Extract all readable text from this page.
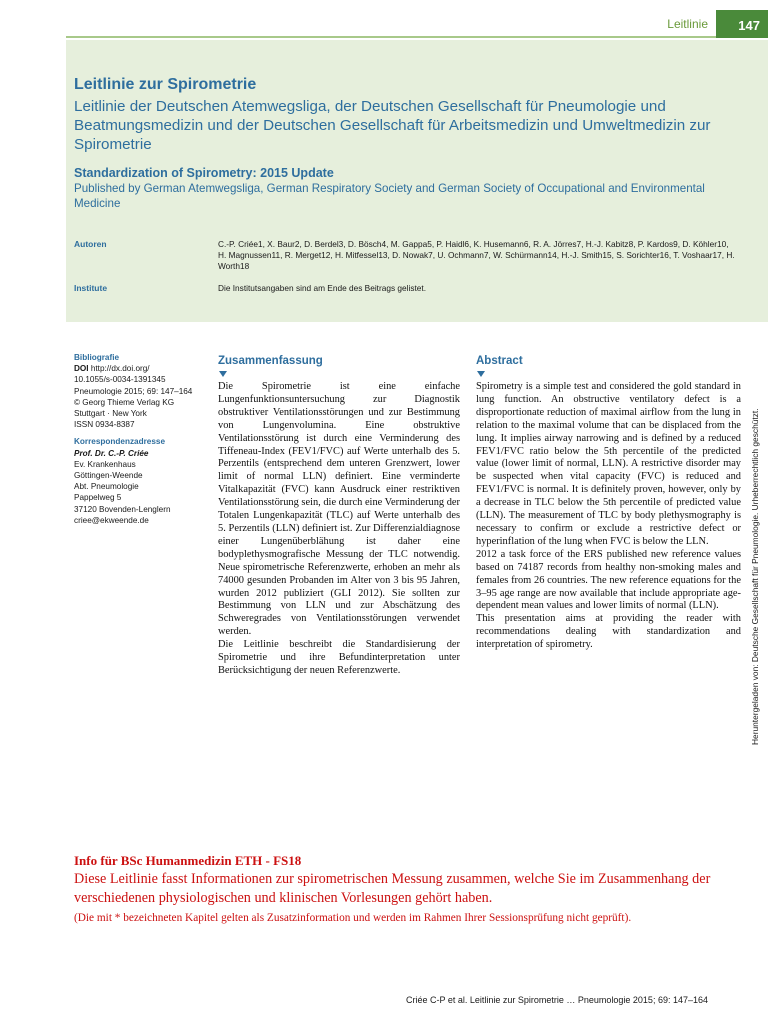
Leitlinie 147
Leitlinie zur Spirometrie
Leitlinie der Deutschen Atemwegsliga, der Deutschen Gesellschaft für Pneumologie und Beatmungsmedizin und der Deutschen Gesellschaft für Arbeitsmedizin und Umweltmedizin zur Spirometrie
Standardization of Spirometry: 2015 Update
Published by German Atemwegsliga, German Respiratory Society and German Society of Occupational and Environmental Medicine
Autoren	C.-P. Criée1, X. Baur2, D. Berdel3, D. Bösch4, M. Gappa5, P. Haidl6, K. Husemann6, R. A. Jörres7, H.-J. Kabitz8, P. Kardos9, D. Köhler10, H. Magnussen11, R. Merget12, H. Mitfessel13, D. Nowak7, U. Ochmann7, W. Schürmann14, H.-J. Smith15, S. Sorichter16, T. Voshaar17, H. Worth18
Institute	Die Institutsangaben sind am Ende des Beitrags gelistet.
Heruntergeladen von: Deutsche Gesellschaft für Pneumologie. Urheberrechtlich geschützt.
Bibliografie
DOI http://dx.doi.org/
10.1055/s-0034-1391345
Pneumologie 2015; 69: 147–164
© Georg Thieme Verlag KG
Stuttgart · New York
ISSN 0934-8387
Korrespondenzadresse
Prof. Dr. C.-P. Criée
Ev. Krankenhaus
Göttingen-Weende
Abt. Pneumologie
Pappelweg 5
37120 Bovenden-Lenglern
criee@ekweende.de
Zusammenfassung

Die Spirometrie ist eine einfache Lungenfunktionsuntersuchung zur Diagnostik obstruktiver Ventilationsstörungen und zur Bestimmung von Lungenvolumina. Eine obstruktive Ventilationsstörung ist durch eine Verminderung des Tiffeneau-Index (FEV1/FVC) auf Werte unterhalb des 5. Perzentils (entsprechend dem unteren Grenzwert, lower limit of normal LLN) definiert. Eine verminderte Vitalkapazität (FVC) kann Ausdruck einer restriktiven Ventilationsstörung sein, die durch eine Verminderung der Totalen Lungenkapazität (TLC) auf Werte unterhalb des 5. Perzentils (LLN) definiert ist. Zur Differenzialdiagnose einer Lungenüberblähung ist daher eine bodyplethysmografische Messung der TLC notwendig. Neue spirometrische Referenzwerte, erhoben an mehr als 74000 gesunden Probanden im Alter von 3 bis 95 Jahren, wurden 2012 publiziert (GLI 2012). Sie sollten zur Bestimmung von LLN und zur Abschätzung des Schweregrades von Ventilationsstörungen verwendet werden.

Die Leitlinie beschreibt die Standardisierung der Spirometrie und ihre Befundinterpretation unter Berücksichtigung der neuen Referenzwerte.

Abstract

Spirometry is a simple test and considered the gold standard in lung function. An obstructive ventilatory defect is a disproportionate reduction of maximal airflow from the lung in relation to the maximal volume that can be displaced from the lung. It implies airway narrowing and is defined by a reduced FEV1/FVC ratio below the 5th percentile of the predicted value (lower limit of normal, LLN). A restrictive disorder may be suspected when vital capacity (FVC) is reduced and FEV1/FVC is normal. It is definitely proven, however, only by a decrease in TLC below the 5th percentile of predicted value (LLN). The measurement of TLC by body plethysmography is necessary to confirm or exclude a restrictive defect or hyperinflation of the lung when FVC is below the LLN.

2012 a task force of the ERS published new reference values based on 74187 records from healthy non-smoking males and females from 26 countries. The new reference equations for the 3–95 age range are now available that include appropriate age-dependent mean values and lower limits of normal (LLN).

This presentation aims at providing the reader with recommendations dealing with standardization and interpretation of spirometry.

Info für BSc Humanmedizin ETH - FS18
Diese Leitlinie fasst Informationen zur spirometrischen Messung zusammen, welche Sie im Zusammenhang der verschiedenen physiologischen und klinischen Vorlesungen gehört haben.
(Die mit * bezeichneten Kapitel gelten als Zusatzinformation und werden im Rahmen Ihrer Sessionsprüfung nicht geprüft).
Criée C-P et al. Leitlinie zur Spirometrie … Pneumologie 2015; 69: 147–164
